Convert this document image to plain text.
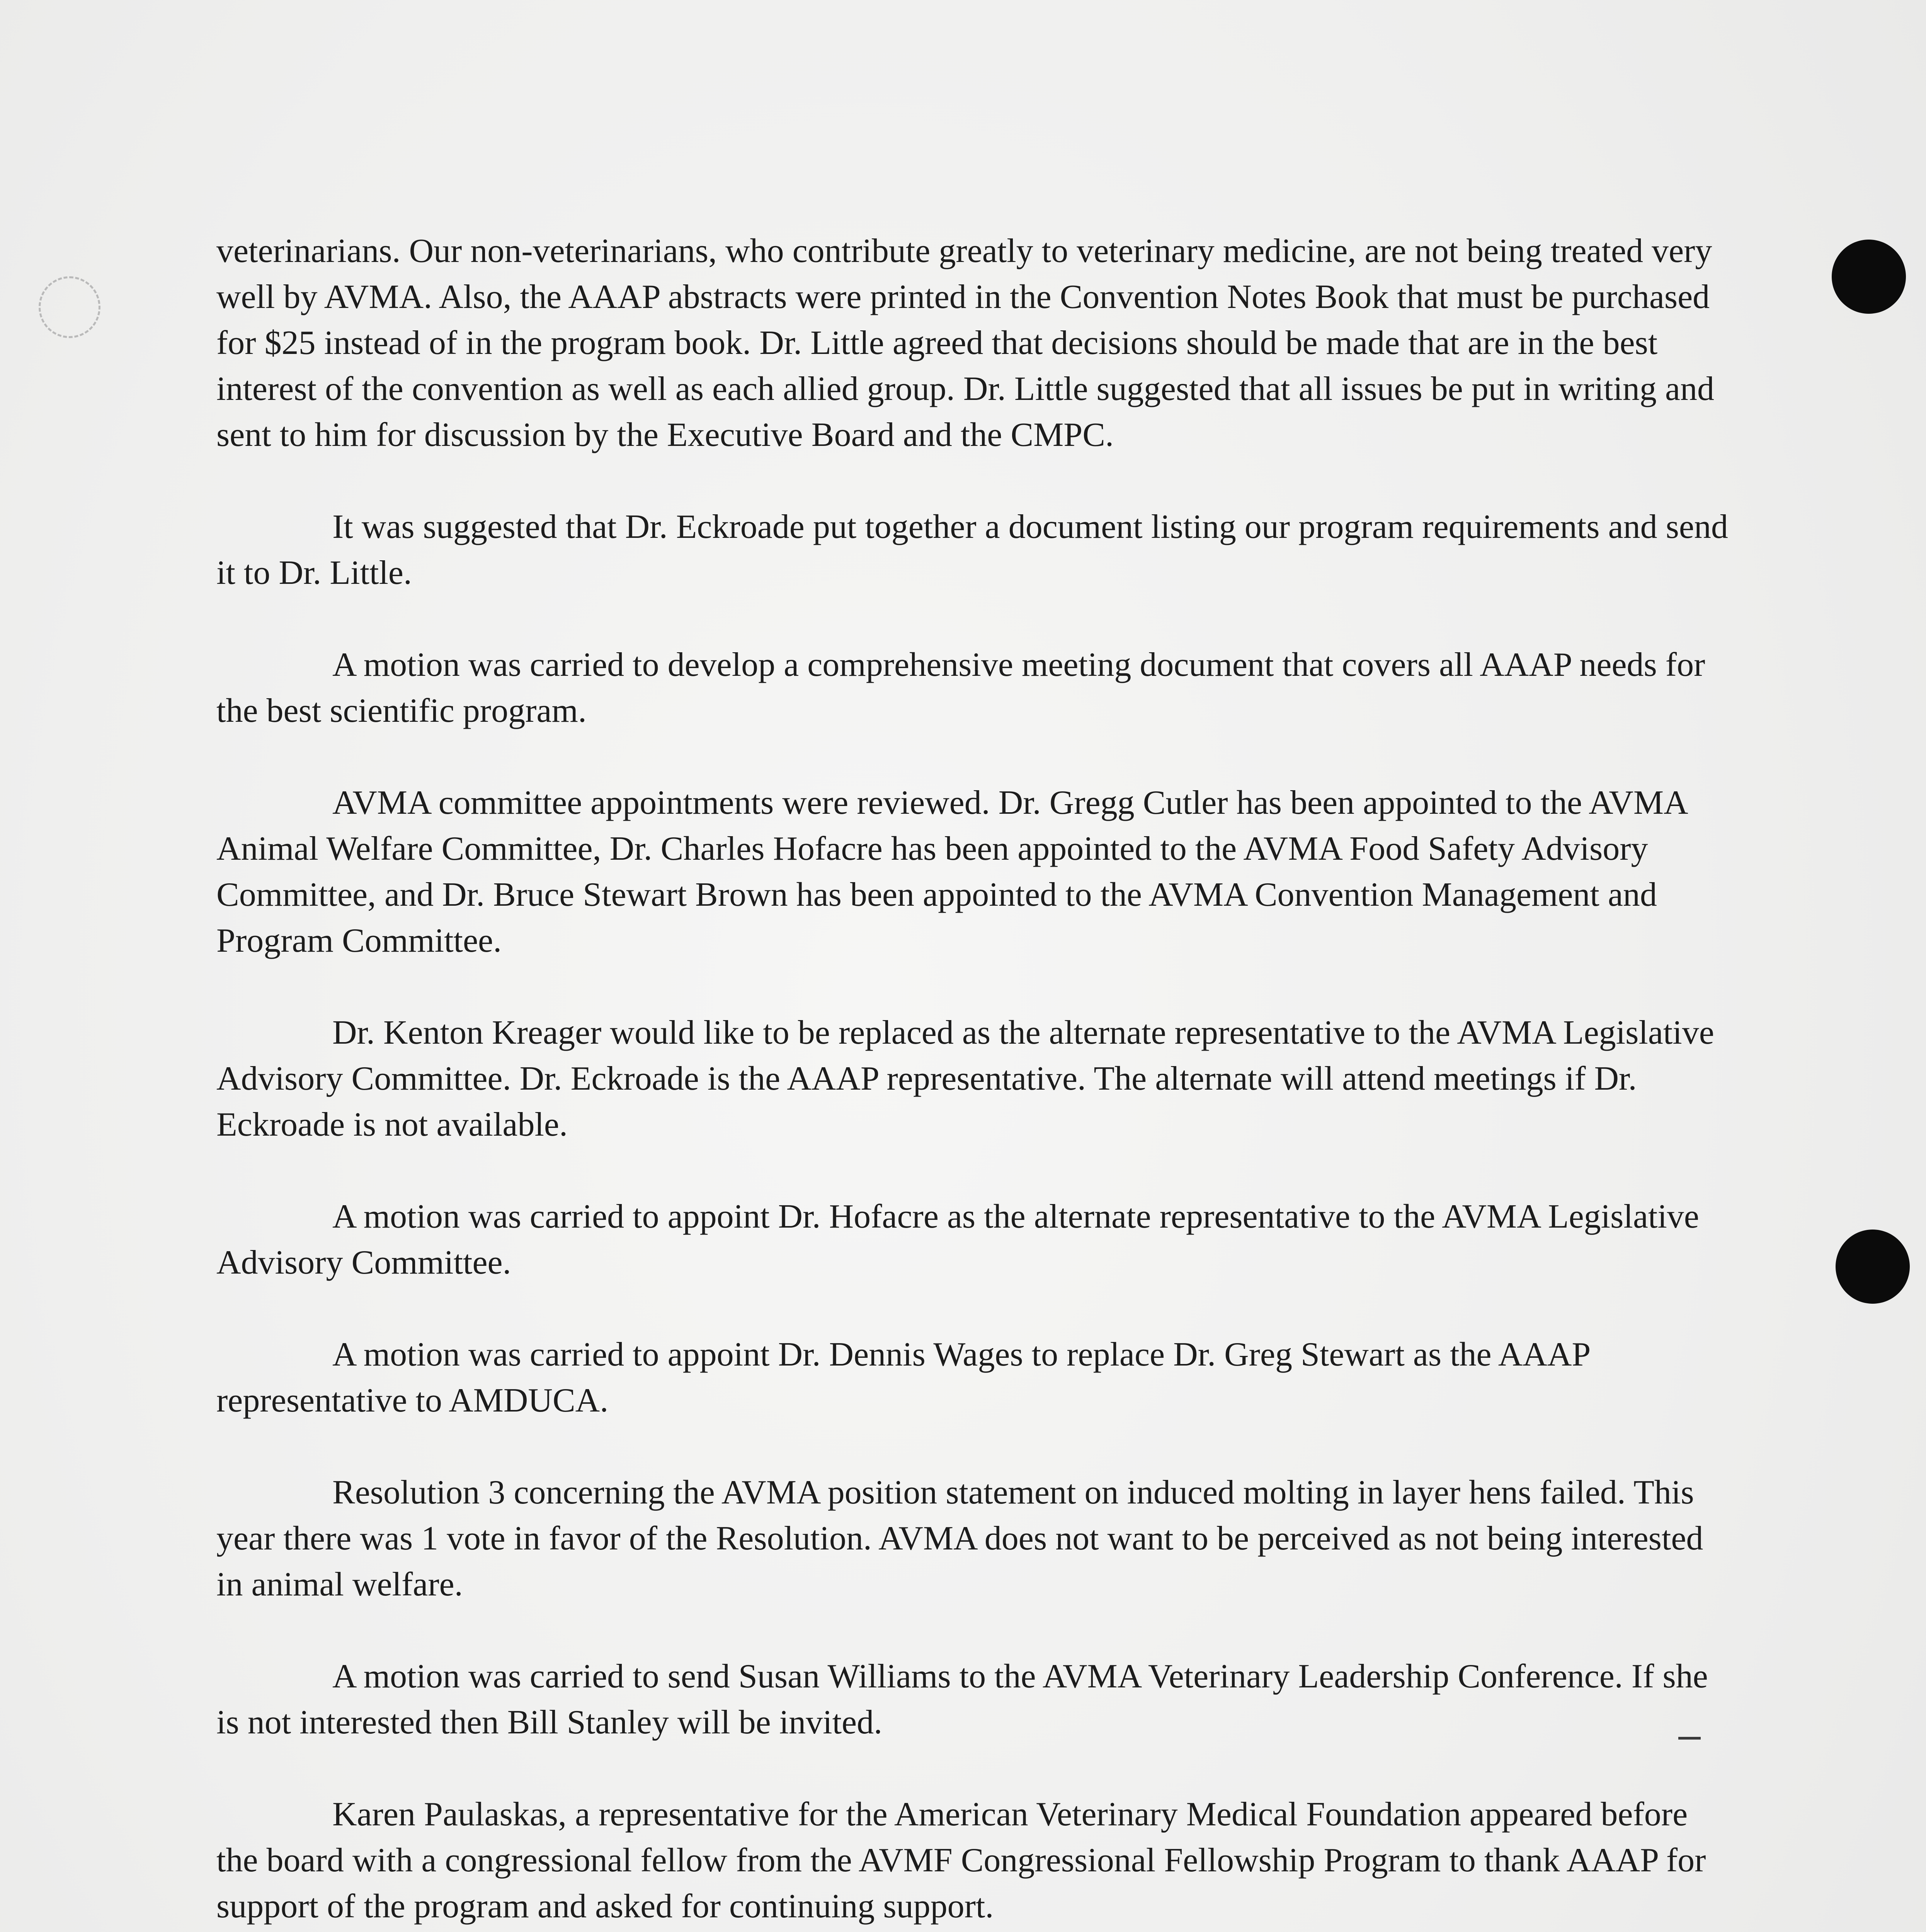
veterinarians. Our non-veterinarians, who contribute greatly to veterinary medicine, are not being treated very well by AVMA. Also, the AAAP abstracts were printed in the Convention Notes Book that must be purchased for $25 instead of in the program book. Dr. Little agreed that decisions should be made that are in the best interest of the convention as well as each allied group. Dr. Little suggested that all issues be put in writing and sent to him for discussion by the Executive Board and the CMPC.

It was suggested that Dr. Eckroade put together a document listing our program requirements and send it to Dr. Little.

A motion was carried to develop a comprehensive meeting document that covers all AAAP needs for the best scientific program.

AVMA committee appointments were reviewed. Dr. Gregg Cutler has been appointed to the AVMA Animal Welfare Committee, Dr. Charles Hofacre has been appointed to the AVMA Food Safety Advisory Committee, and Dr. Bruce Stewart Brown has been appointed to the AVMA Convention Management and Program Committee.

Dr. Kenton Kreager would like to be replaced as the alternate representative to the AVMA Legislative Advisory Committee. Dr. Eckroade is the AAAP representative. The alternate will attend meetings if Dr. Eckroade is not available.

A motion was carried to appoint Dr. Hofacre as the alternate representative to the AVMA Legislative Advisory Committee.

A motion was carried to appoint Dr. Dennis Wages to replace Dr. Greg Stewart as the AAAP representative to AMDUCA.

Resolution 3 concerning the AVMA position statement on induced molting in layer hens failed. This year there was 1 vote in favor of the Resolution. AVMA does not want to be perceived as not being interested in animal welfare.

A motion was carried to send Susan Williams to the AVMA Veterinary Leadership Conference. If she is not interested then Bill Stanley will be invited.

Karen Paulaskas, a representative for the American Veterinary Medical Foundation appeared before the board with a congressional fellow from the AVMF Congressional Fellowship Program to thank AAAP for support of the program and asked for continuing support.
